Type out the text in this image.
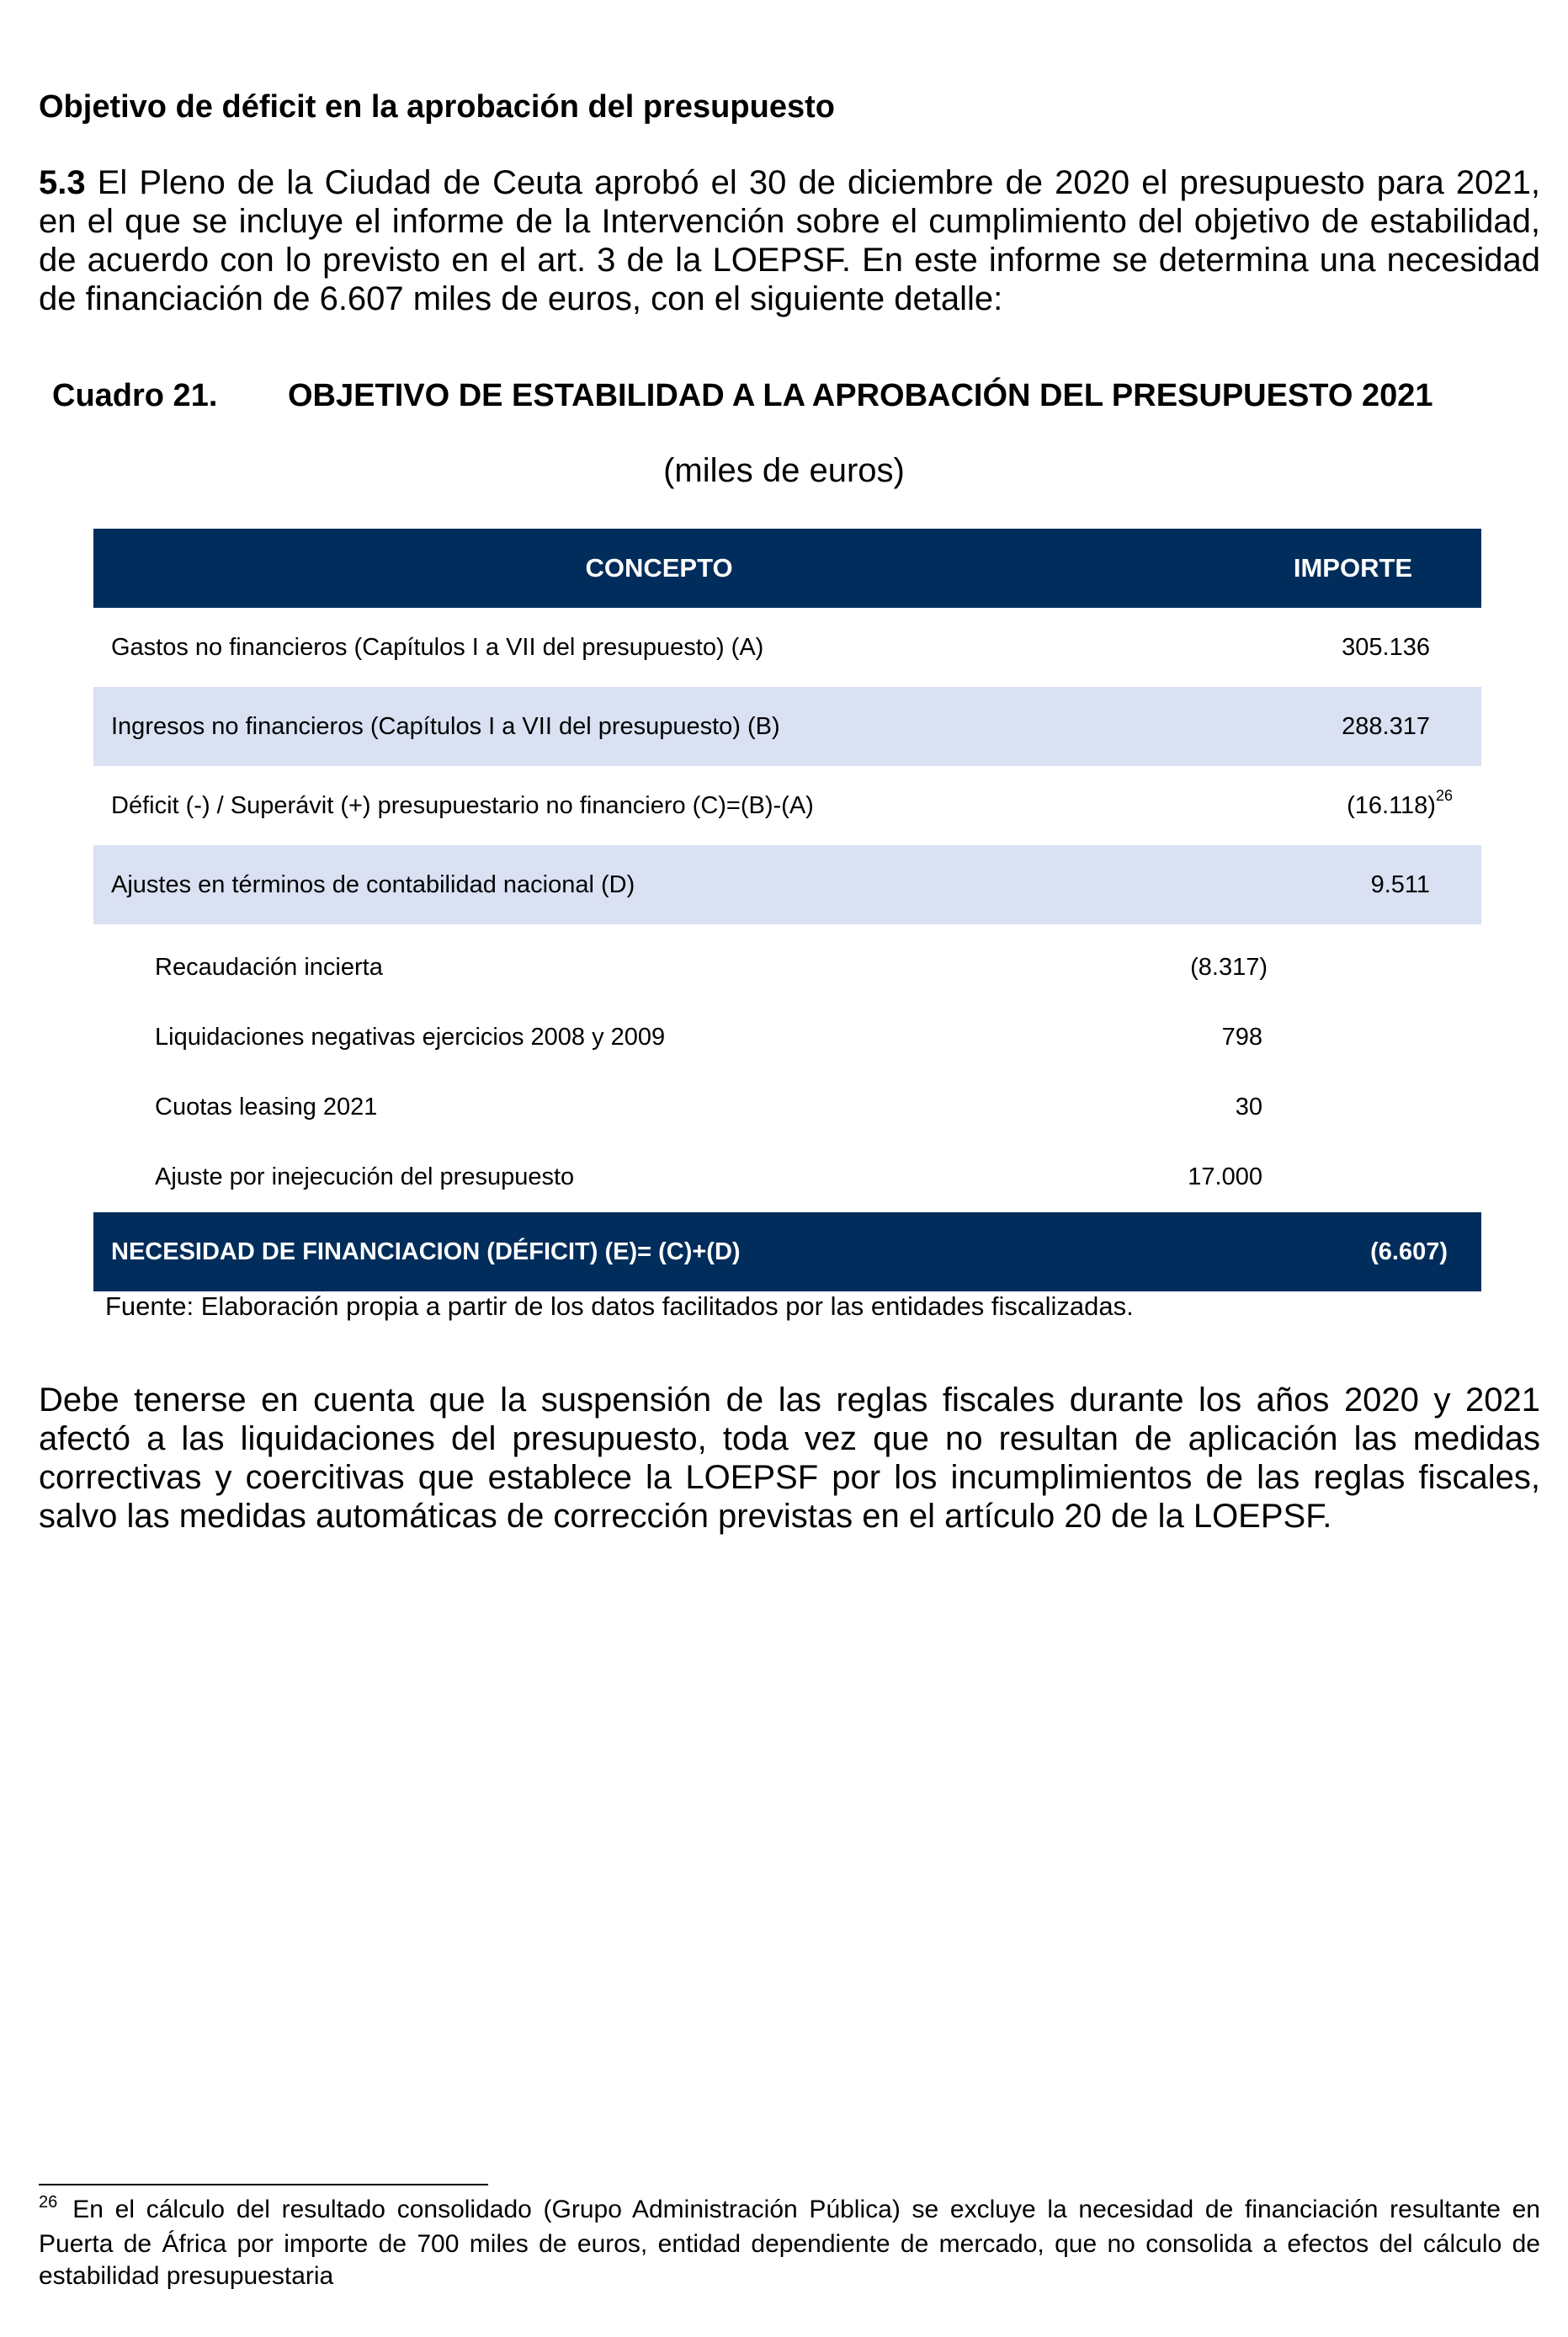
Objetivo de déficit en la aprobación del presupuesto

5.3 El Pleno de la Ciudad de Ceuta aprobó el 30 de diciembre de 2020 el presupuesto para 2021, en el que se incluye el informe de la Intervención sobre el cumplimiento del objetivo de estabilidad, de acuerdo con lo previsto en el art. 3 de la LOEPSF. En este informe se determina una necesidad de financiación de 6.607 miles de euros, con el siguiente detalle:

Cuadro 21. OBJETIVO DE ESTABILIDAD A LA APROBACIÓN DEL PRESUPUESTO 2021
(miles de euros)
CONCEPTO	IMPORTE
Gastos no financieros (Capítulos I a VII del presupuesto) (A)	305.136
Ingresos no financieros (Capítulos I a VII del presupuesto) (B)	288.317
Déficit (-) / Superávit (+) presupuestario no financiero (C)=(B)-(A)	$(16.118)^{26}$
Ajustes en términos de contabilidad nacional (D)	9.511
Recaudación incierta	(8.317)
Liquidaciones negativas ejercicios 2008 y 2009	798
Cuotas leasing 2021	30
Ajuste por inejecución del presupuesto	17.000
NECESIDAD DE FINANCIACION (DÉFICIT) (E)= (C)+(D)	(6.607)

Fuente: Elaboración propia a partir de los datos facilitados por las entidades fiscalizadas.

Debe tenerse en cuenta que la suspensión de las reglas fiscales durante los años 2020 y 2021 afectó a las liquidaciones del presupuesto, toda vez que no resultan de aplicación las medidas correctivas y coercitivas que establece la LOEPSF por los incumplimientos de las reglas fiscales, salvo las medidas automáticas de corrección previstas en el artículo 20 de la LOEPSF.

$^{26}$ En el cálculo del resultado consolidado (Grupo Administración Pública) se excluye la necesidad de financiación resultante en Puerta de África por importe de 700 miles de euros, entidad dependiente de mercado, que no consolida a efectos del cálculo de estabilidad presupuestaria
